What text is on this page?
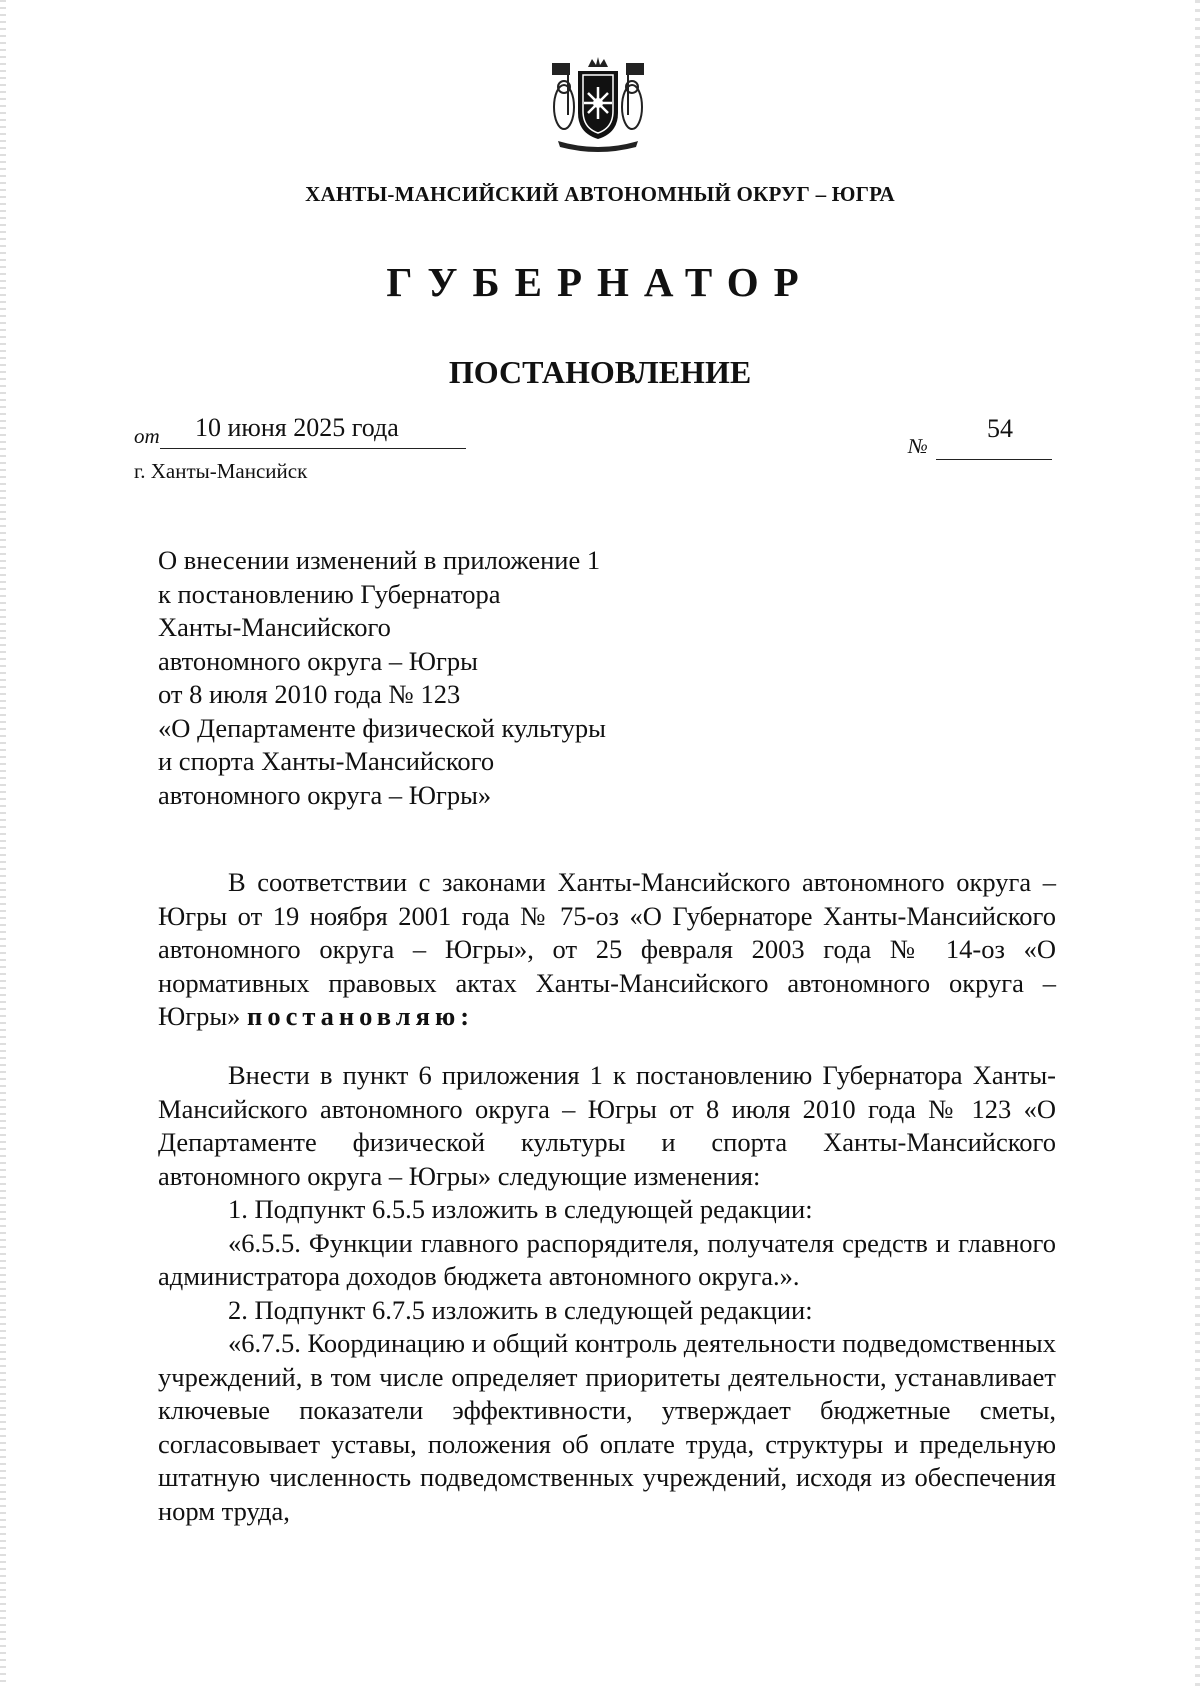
ХАНТЫ-МАНСИЙСКИЙ АВТОНОМНЫЙ ОКРУГ – ЮГРА
ГУБЕРНАТОР
ПОСТАНОВЛЕНИЕ
от 10 июня 2025 года
№
54
г. Ханты-Мансийск
О внесении изменений в приложение 1
к постановлению Губернатора
Ханты-Мансийского
автономного округа – Югры
от 8 июля 2010 года № 123
«О Департаменте физической культуры
и спорта Ханты-Мансийского
автономного округа – Югры»

В соответствии с законами Ханты-Мансийского автономного округа – Югры от 19 ноября 2001 года № 75-оз «О Губернаторе Ханты-Мансийского автономного округа – Югры», от 25 февраля 2003 года № 14-оз «О нормативных правовых актах Ханты-Мансийского автономного округа – Югры» постановляю:

Внести в пункт 6 приложения 1 к постановлению Губернатора Ханты-Мансийского автономного округа – Югры от 8 июля 2010 года № 123 «О Департаменте физической культуры и спорта Ханты-Мансийского автономного округа – Югры» следующие изменения:

1. Подпункт 6.5.5 изложить в следующей редакции:

«6.5.5. Функции главного распорядителя, получателя средств и главного администратора доходов бюджета автономного округа.».

2. Подпункт 6.7.5 изложить в следующей редакции:

«6.7.5. Координацию и общий контроль деятельности подведомственных учреждений, в том числе определяет приоритеты деятельности, устанавливает ключевые показатели эффективности, утверждает бюджетные сметы, согласовывает уставы, положения об оплате труда, структуры и предельную штатную численность подведомственных учреждений, исходя из обеспечения норм труда,
